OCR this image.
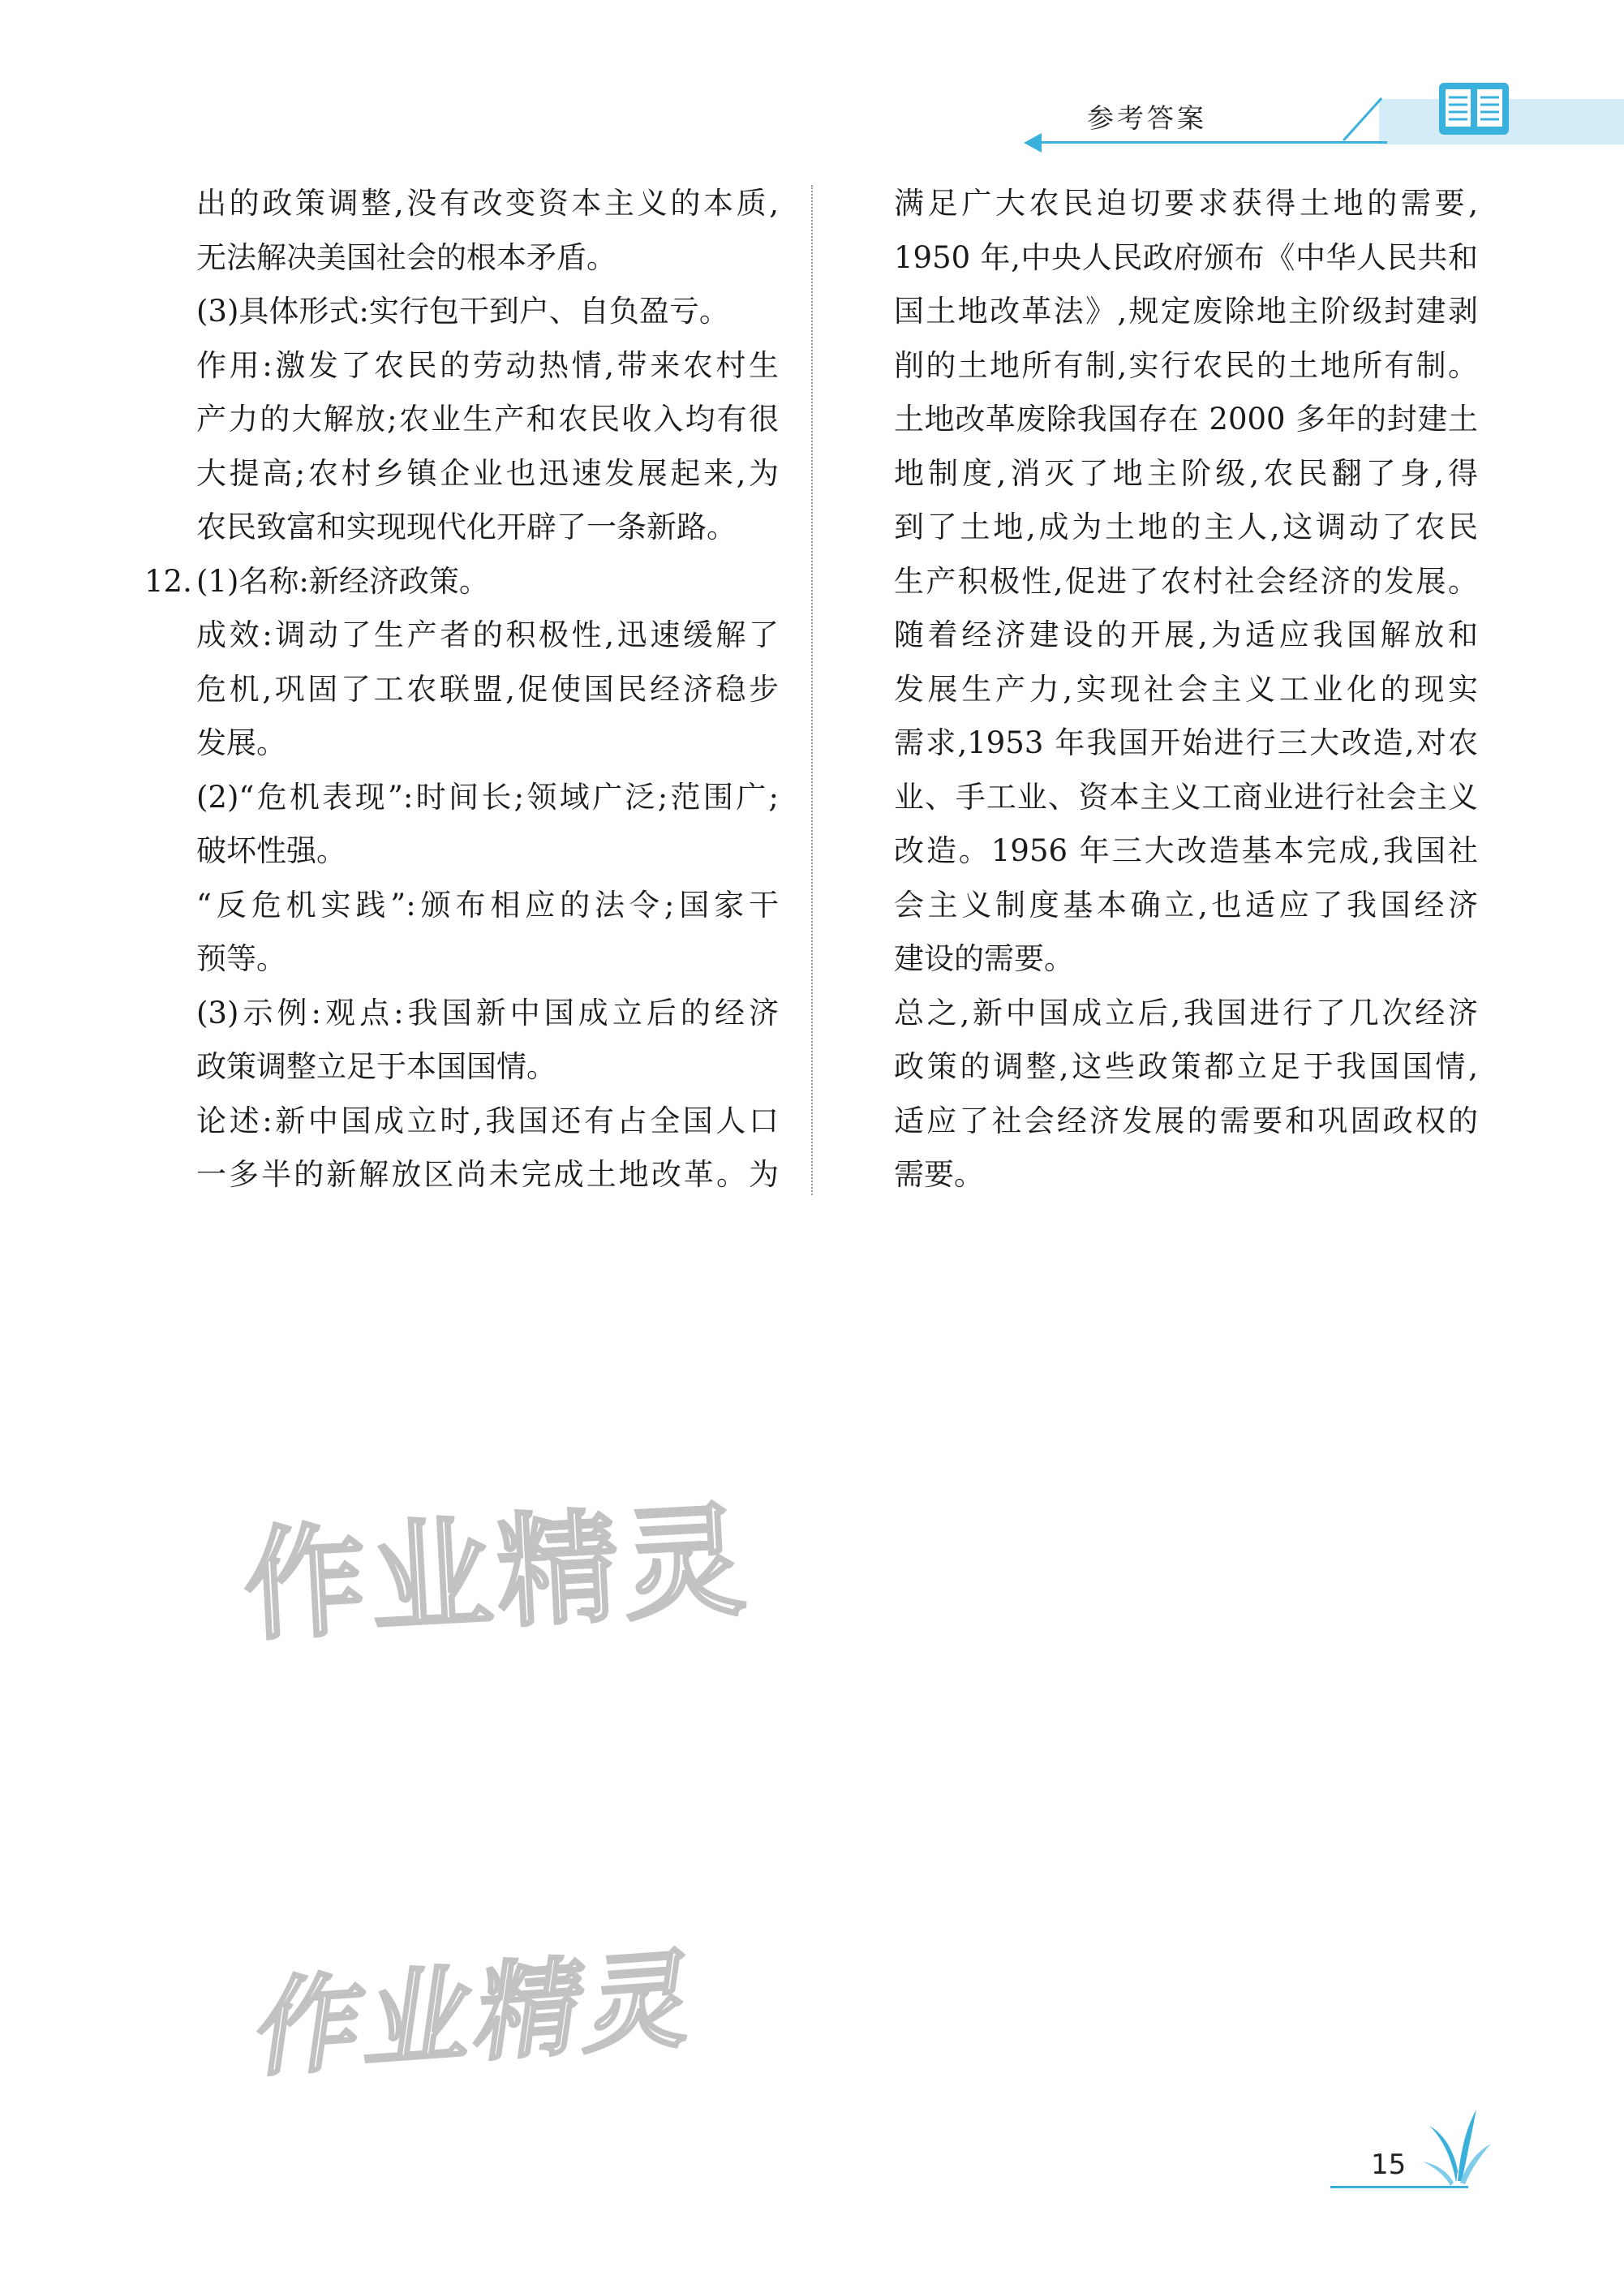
参考答案
出的政策调整,没有改变资本主义的本质,
无法解决美国社会的根本矛盾。
(3)具体形式:实行包干到户、自负盈亏。
作用:激发了农民的劳动热情,带来农村生
产力的大解放;农业生产和农民收入均有很
大提高;农村乡镇企业也迅速发展起来,为
农民致富和实现现代化开辟了一条新路。
12. (1)名称:新经济政策。
成效:调动了生产者的积极性,迅速缓解了
危机,巩固了工农联盟,促使国民经济稳步
发展。
(2)“危机表现”:时间长;领域广泛;范围广;
破坏性强。
“反危机实践”:颁布相应的法令;国家干
预等。
(3)示例:观点:我国新中国成立后的经济
政策调整立足于本国国情。
论述:新中国成立时,我国还有占全国人口
一多半的新解放区尚未完成土地改革。为
满足广大农民迫切要求获得土地的需要,
1950 年,中央人民政府颁布《中华人民共和
国土地改革法》,规定废除地主阶级封建剥
削的土地所有制,实行农民的土地所有制。
土地改革废除我国存在 2000 多年的封建土
地制度,消灭了地主阶级,农民翻了身,得
到了土地,成为土地的主人,这调动了农民
生产积极性,促进了农村社会经济的发展。
随着经济建设的开展,为适应我国解放和
发展生产力,实现社会主义工业化的现实
需求,1953 年我国开始进行三大改造,对农
业、手工业、资本主义工商业进行社会主义
改造。1956 年三大改造基本完成,我国社
会主义制度基本确立,也适应了我国经济
建设的需要。
总之,新中国成立后,我国进行了几次经济
政策的调整,这些政策都立足于我国国情,
适应了社会经济发展的需要和巩固政权的
需要。
作业精灵
作业精灵
15
